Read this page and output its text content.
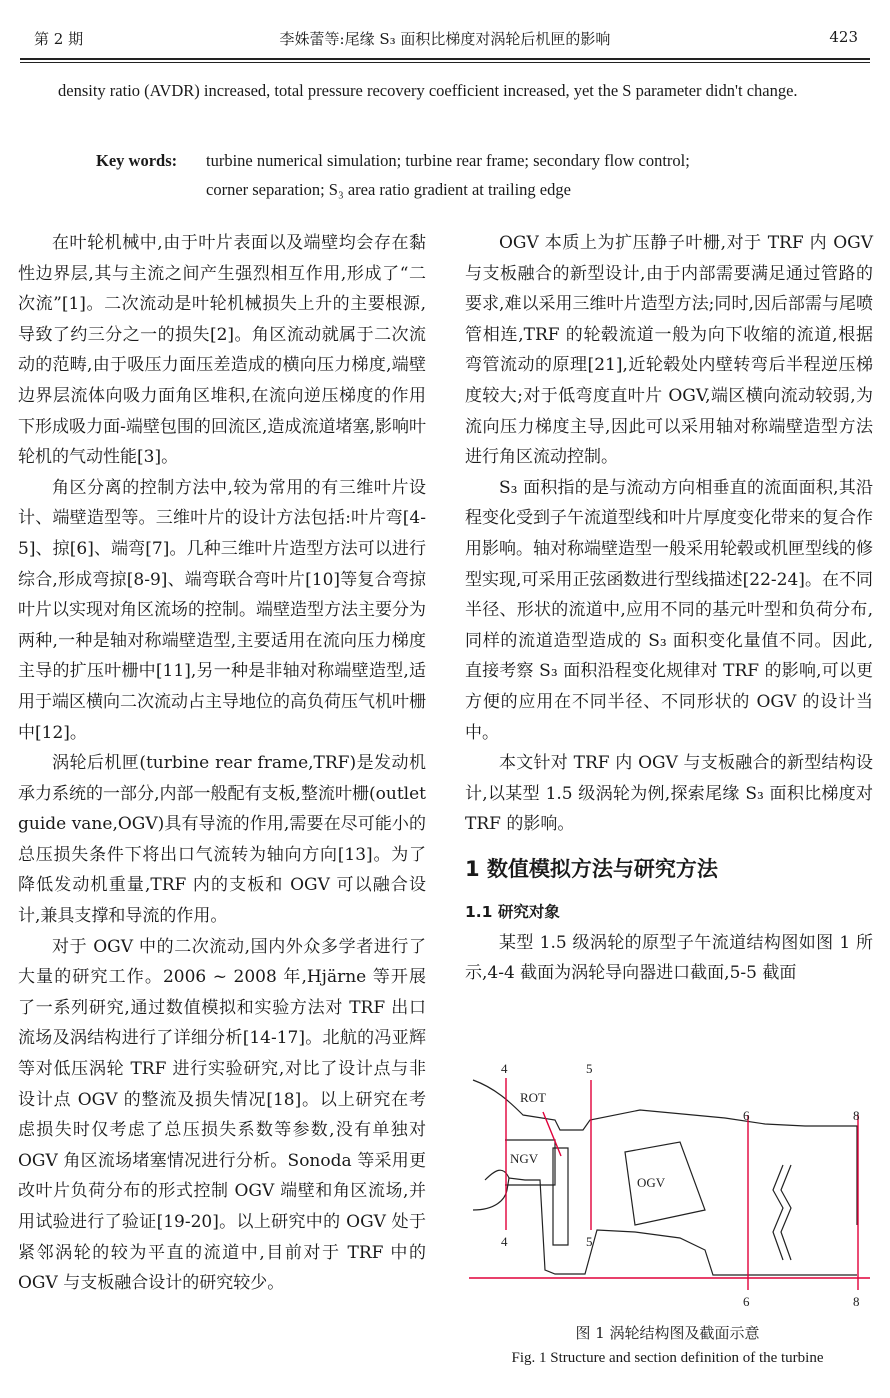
第 2 期	李姝蕾等:尾缘 S₃ 面积比梯度对涡轮后机匣的影响	423
density ratio (AVDR) increased, total pressure recovery coefficient increased, yet the S parameter didn't change.
Key words: turbine numerical simulation; turbine rear frame; secondary flow control;
corner separation; S₃ area ratio gradient at trailing edge

在叶轮机械中,由于叶片表面以及端壁均会存在黏性边界层,其与主流之间产生强烈相互作用,形成了“二次流”[1]。二次流动是叶轮机械损失上升的主要根源,导致了约三分之一的损失[2]。角区流动就属于二次流动的范畴,由于吸压力面压差造成的横向压力梯度,端壁边界层流体向吸力面角区堆积,在流向逆压梯度的作用下形成吸力面-端壁包围的回流区,造成流道堵塞,影响叶轮机的气动性能[3]。

角区分离的控制方法中,较为常用的有三维叶片设计、端壁造型等。三维叶片的设计方法包括:叶片弯[4-5]、掠[6]、端弯[7]。几种三维叶片造型方法可以进行综合,形成弯掠[8-9]、端弯联合弯叶片[10]等复合弯掠叶片以实现对角区流场的控制。端壁造型方法主要分为两种,一种是轴对称端壁造型,主要适用在流向压力梯度主导的扩压叶栅中[11],另一种是非轴对称端壁造型,适用于端区横向二次流动占主导地位的高负荷压气机叶栅中[12]。

涡轮后机匣(turbine rear frame,TRF)是发动机承力系统的一部分,内部一般配有支板,整流叶栅(outlet guide vane,OGV)具有导流的作用,需要在尽可能小的总压损失条件下将出口气流转为轴向方向[13]。为了降低发动机重量,TRF 内的支板和 OGV 可以融合设计,兼具支撑和导流的作用。

对于 OGV 中的二次流动,国内外众多学者进行了大量的研究工作。2006 ~ 2008 年,Hjärne 等开展了一系列研究,通过数值模拟和实验方法对 TRF 出口流场及涡结构进行了详细分析[14-17]。北航的冯亚辉等对低压涡轮 TRF 进行实验研究,对比了设计点与非设计点 OGV 的整流及损失情况[18]。以上研究在考虑损失时仅考虑了总压损失系数等参数,没有单独对 OGV 角区流场堵塞情况进行分析。Sonoda 等采用更改叶片负荷分布的形式控制 OGV 端壁和角区流场,并用试验进行了验证[19-20]。以上研究中的 OGV 处于紧邻涡轮的较为平直的流道中,目前对于 TRF 中的 OGV 与支板融合设计的研究较少。

OGV 本质上为扩压静子叶栅,对于 TRF 内 OGV 与支板融合的新型设计,由于内部需要满足通过管路的要求,难以采用三维叶片造型方法;同时,因后部需与尾喷管相连,TRF 的轮毂流道一般为向下收缩的流道,根据弯管流动的原理[21],近轮毂处内壁转弯后半程逆压梯度较大;对于低弯度直叶片 OGV,端区横向流动较弱,为流向压力梯度主导,因此可以采用轴对称端壁造型方法进行角区流动控制。

S₃ 面积指的是与流动方向相垂直的流面面积,其沿程变化受到子午流道型线和叶片厚度变化带来的复合作用影响。轴对称端壁造型一般采用轮毂或机匣型线的修型实现,可采用正弦函数进行型线描述[22-24]。在不同半径、形状的流道中,应用不同的基元叶型和负荷分布,同样的流道造型造成的 S₃ 面积变化量值不同。因此,直接考察 S₃ 面积沿程变化规律对 TRF 的影响,可以更方便的应用在不同半径、不同形状的 OGV 的设计当中。

本文针对 TRF 内 OGV 与支板融合的新型结构设计,以某型 1.5 级涡轮为例,探索尾缘 S₃ 面积比梯度对 TRF 的影响。

1 数值模拟方法与研究方法

1.1 研究对象

某型 1.5 级涡轮的原型子午流道结构图如图 1 所示,4-4 截面为涡轮导向器进口截面,5-5 截面

ROT
NGV
OGV
4	5
6	8
4	5
6	8
图 1 涡轮结构图及截面示意
Fig. 1 Structure and section definition of the turbine
